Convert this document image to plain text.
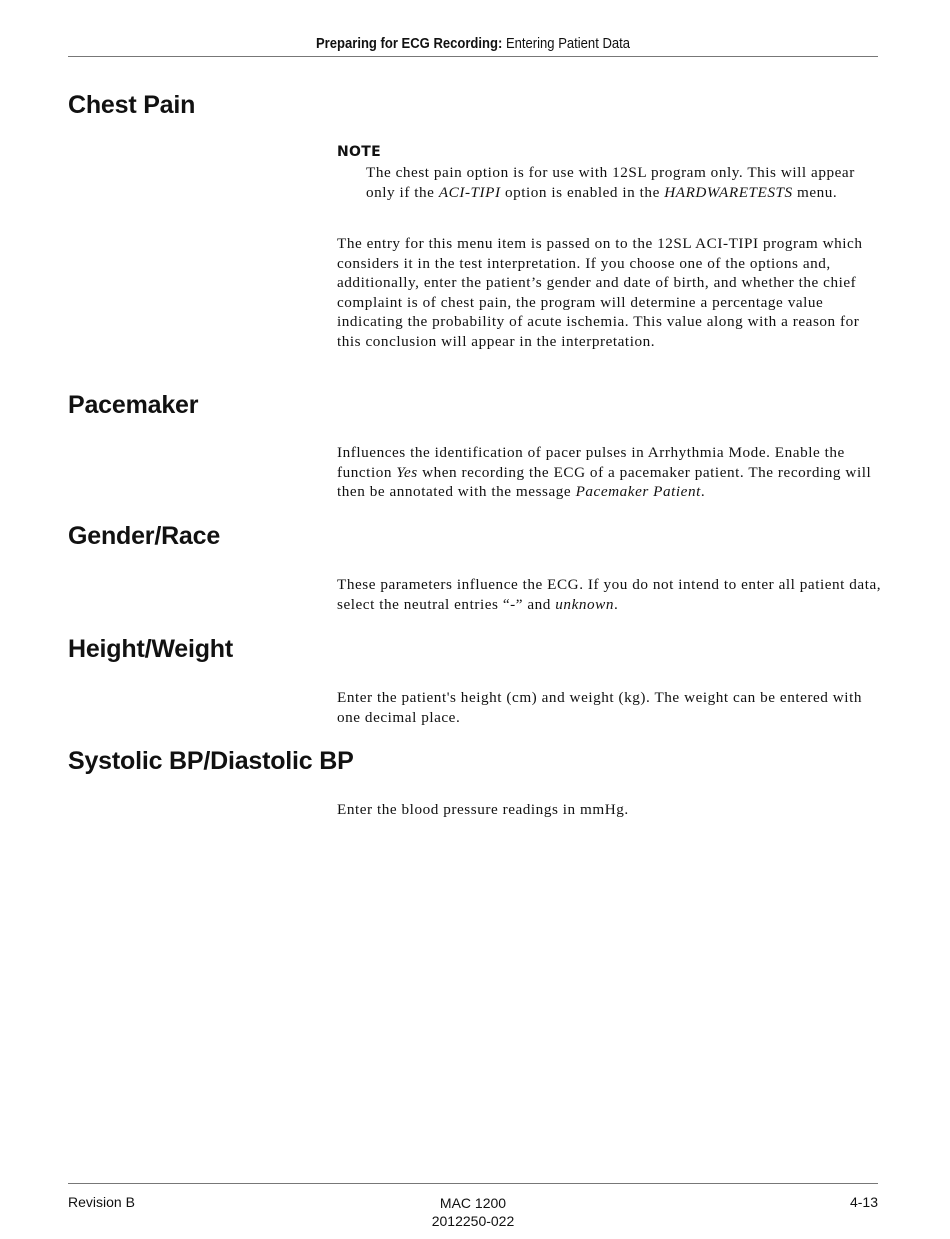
Preparing for ECG Recording: Entering Patient Data
Chest Pain
NOTE

The chest pain option is for use with 12SL program only. This will appear only if the ACI-TIPI option is enabled in the HARDWARETESTS menu.

The entry for this menu item is passed on to the 12SL ACI-TIPI program which considers it in the test interpretation. If you choose one of the options and, additionally, enter the patient’s gender and date of birth, and whether the chief complaint is of chest pain, the program will determine a percentage value indicating the probability of acute ischemia. This value along with a reason for this conclusion will appear in the interpretation.

Pacemaker

Influences the identification of pacer pulses in Arrhythmia Mode. Enable the function Yes when recording the ECG of a pacemaker patient. The recording will then be annotated with the message Pacemaker Patient.

Gender/Race

These parameters influence the ECG. If you do not intend to enter all patient data, select the neutral entries “-” and unknown.

Height/Weight

Enter the patient's height (cm) and weight (kg). The weight can be entered with one decimal place.

Systolic BP/Diastolic BP

Enter the blood pressure readings in mmHg.

Revision B	MAC 1200
2012250-022
4-13
